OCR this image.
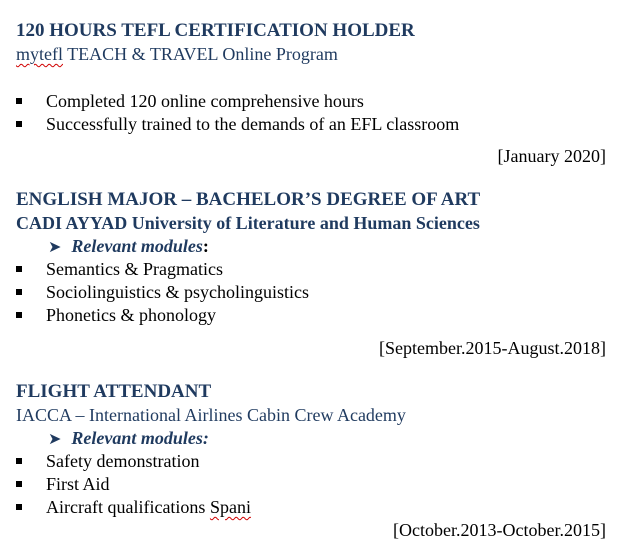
120 HOURS TEFL CERTIFICATION HOLDER
mytefl TEACH & TRAVEL Online Program
Completed 120 online comprehensive hours
Successfully trained to the demands of an EFL classroom
[January 2020]
ENGLISH MAJOR – BACHELOR’S DEGREE OF ART
CADI AYYAD University of Literature and Human Sciences
➤ Relevant modules:
Semantics & Pragmatics
Sociolinguistics & psycholinguistics
Phonetics & phonology
[September.2015-August.2018]
FLIGHT ATTENDANT
IACCA – International Airlines Cabin Crew Academy
➤ Relevant modules:
Safety demonstration
First Aid
Aircraft qualifications Spani
[October.2013-October.2015]
